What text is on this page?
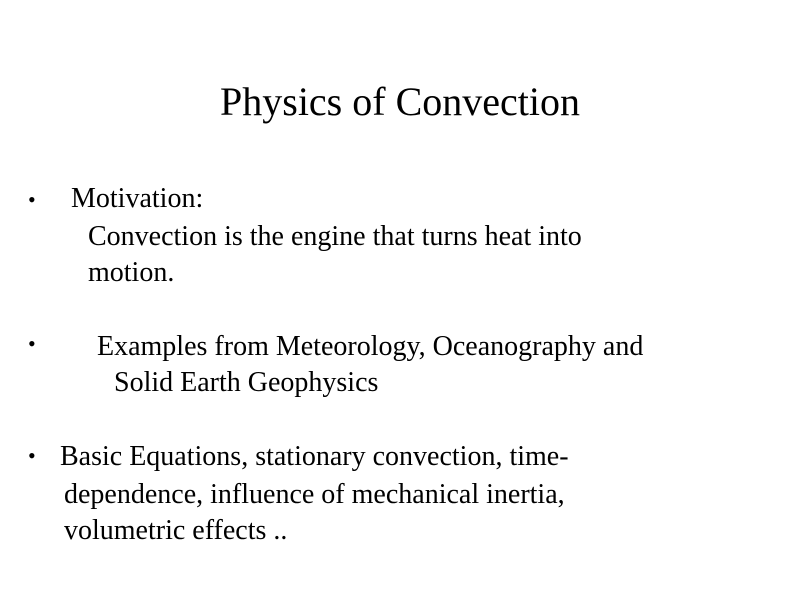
Physics of Convection
• Motivation:
Convection is the engine that turns heat into
motion.
• Examples from Meteorology, Oceanography and
Solid Earth Geophysics
• Basic Equations, stationary convection, time-
dependence, influence of mechanical inertia,
volumetric effects ..
